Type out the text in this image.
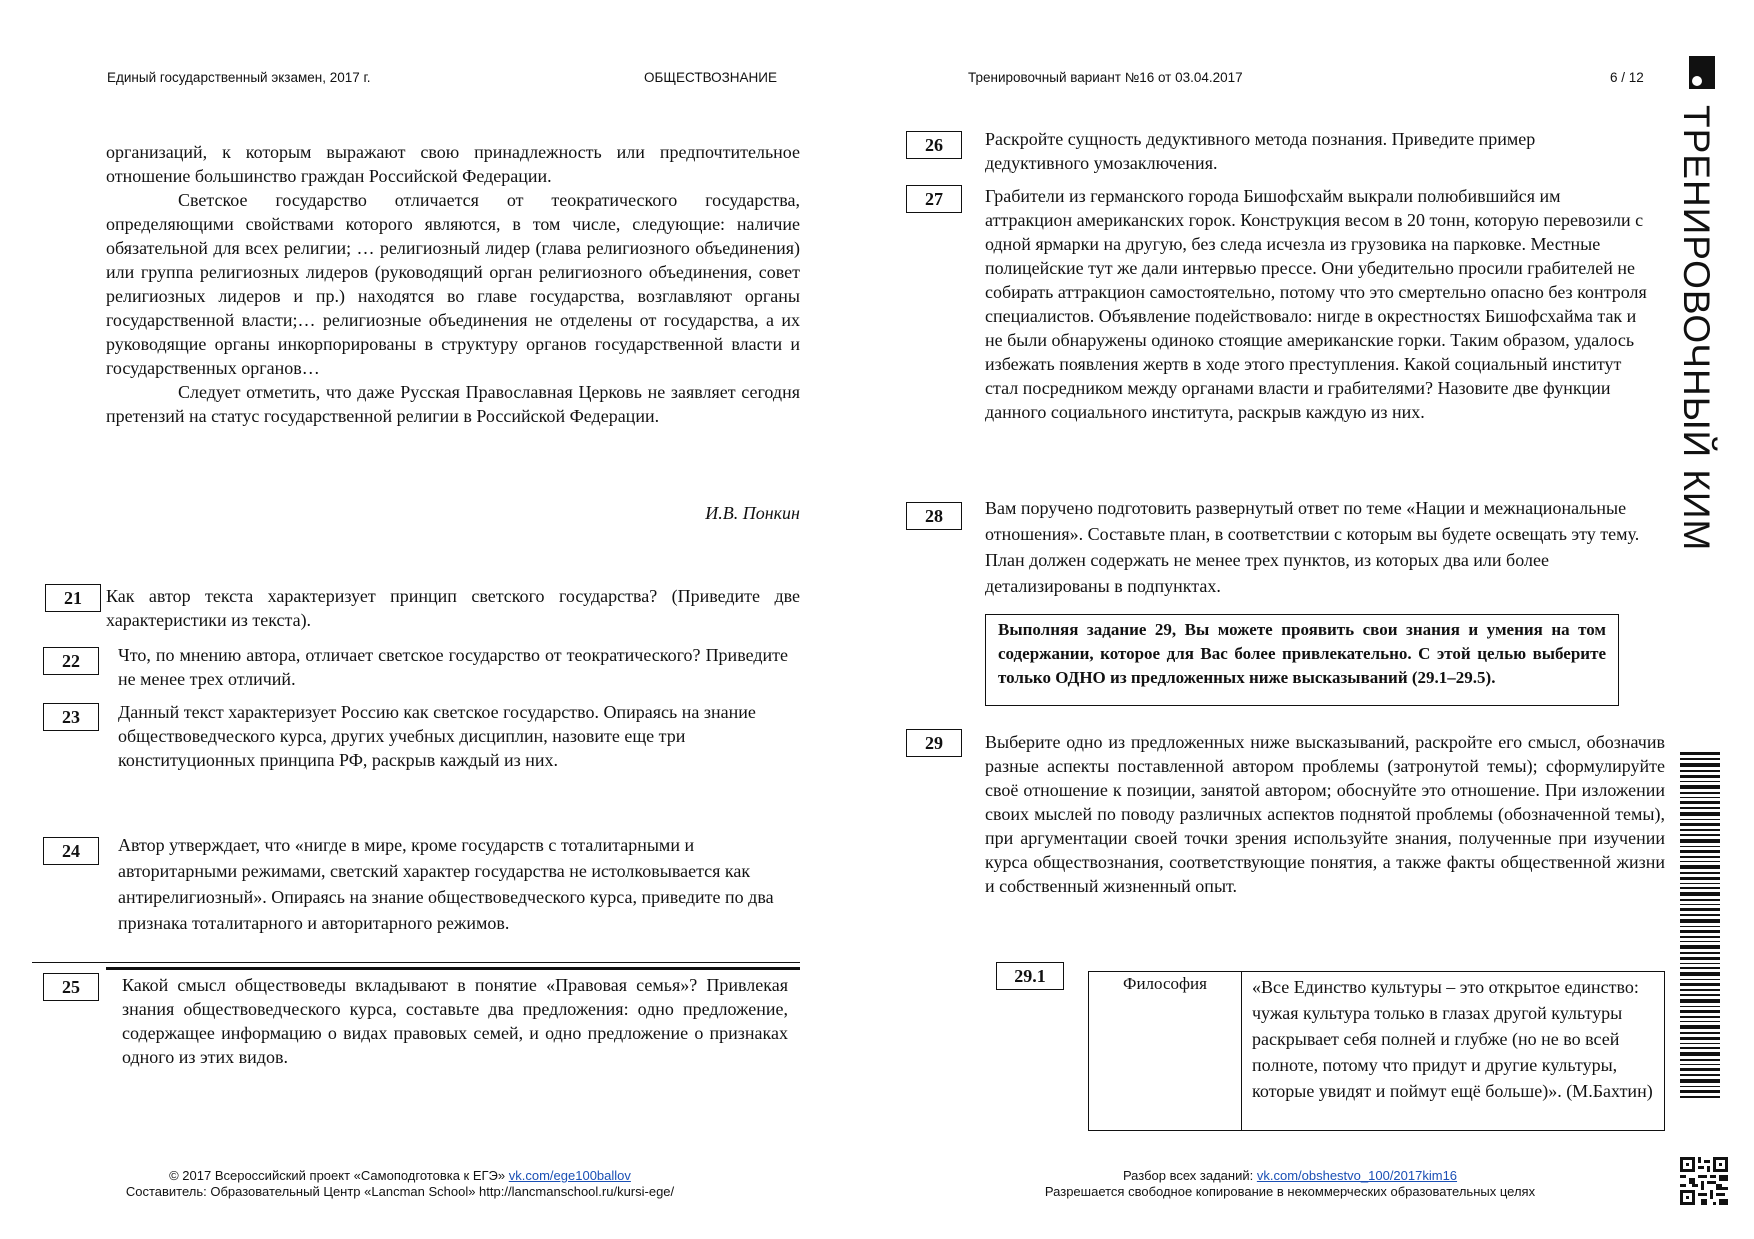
Единый государственный экзамен, 2017 г.	ОБЩЕСТВОЗНАНИЕ	Тренировочный вариант №16 от 03.04.2017	6 / 12
ТРЕНИРОВОЧНЫЙ КИМ

организаций, к которым выражают свою принадлежность или предпочтительное отношение большинство граждан Российской Федерации.

Светское государство отличается от теократического государства, определяющими свойствами которого являются, в том числе, следующие: наличие обязательной для всех религии; … религиозный лидер (глава религиозного объединения) или группа религиозных лидеров (руководящий орган религиозного объединения, совет религиозных лидеров и пр.) находятся во главе государства, возглавляют органы государственной власти;… религиозные объединения не отделены от государства, а их руководящие органы инкорпорированы в структуру органов государственной власти и государственных органов…

Следует отметить, что даже Русская Православная Церковь не заявляет сегодня претензий на статус государственной религии в Российской Федерации.

И.В. Понкин
21	Как автор текста характеризует принцип светского государства? (Приведите две характеристики из текста).

22	Что, по мнению автора, отличает светское государство от теократического? Приведите не менее трех отличий.

23	Данный текст характеризует Россию как светское государство. Опираясь на знание обществоведческого курса, других учебных дисциплин, назовите еще три конституционных принципа РФ, раскрыв каждый из них.

24	Автор утверждает, что «нигде в мире, кроме государств с тоталитарными и авторитарными режимами, светский характер государства не истолковывается как антирелигиозный». Опираясь на знание обществоведческого курса, приведите по два признака тоталитарного и авторитарного режимов.

25	Какой смысл обществоведы вкладывают в понятие «Правовая семья»? Привлекая знания обществоведческого курса, составьте два предложения: одно предложение, содержащее информацию о видах правовых семей, и одно предложение о признаках одного из этих видов.

26	Раскройте сущность дедуктивного метода познания. Приведите пример дедуктивного умозаключения.

27	Грабители из германского города Бишофсхайм выкрали полюбившийся им аттракцион американских горок. Конструкция весом в 20 тонн, которую перевозили с одной ярмарки на другую, без следа исчезла из грузовика на парковке. Местные полицейские тут же дали интервью прессе. Они убедительно просили грабителей не собирать аттракцион самостоятельно, потому что это смертельно опасно без контроля специалистов. Объявление подействовало: нигде в окрестностях Бишофсхайма так и не были обнаружены одиноко стоящие американские горки. Таким образом, удалось избежать появления жертв в ходе этого преступления. Какой социальный институт стал посредником между органами власти и грабителями? Назовите две функции данного социального института, раскрыв каждую из них.

28	Вам поручено подготовить развернутый ответ по теме «Нации и межнациональные отношения». Составьте план, в соответствии с которым вы будете освещать эту тему. План должен содержать не менее трех пунктов, из которых два или более детализированы в подпунктах.

Выполняя задание 29, Вы можете проявить свои знания и умения на том содержании, которое для Вас более привлекательно. С этой целью выберите только ОДНО из предложенных ниже высказываний (29.1–29.5).
29	Выберите одно из предложенных ниже высказываний, раскройте его смысл, обозначив разные аспекты поставленной автором проблемы (затронутой темы); сформулируйте своё отношение к позиции, занятой автором; обоснуйте это отношение. При изложении своих мыслей по поводу различных аспектов поднятой проблемы (обозначенной темы), при аргументации своей точки зрения используйте знания, полученные при изучении курса обществознания, соответствующие понятия, а также факты общественной жизни и собственный жизненный опыт.

29.1	Философия	«Все Единство культуры – это открытое единство: чужая культура только в глазах другой культуры раскрывает себя полней и глубже (но не во всей полноте, потому что придут и другие культуры, которые увидят и поймут ещё больше)». (М.Бахтин)
© 2017 Всероссийский проект «Самоподготовка к ЕГЭ» vk.com/ege100ballov
Составитель: Образовательный Центр «Lancman School» http://lancmanschool.ru/kursi-ege/
Разбор всех заданий: vk.com/obshestvo_100/2017kim16
Разрешается свободное копирование в некоммерческих образовательных целях
